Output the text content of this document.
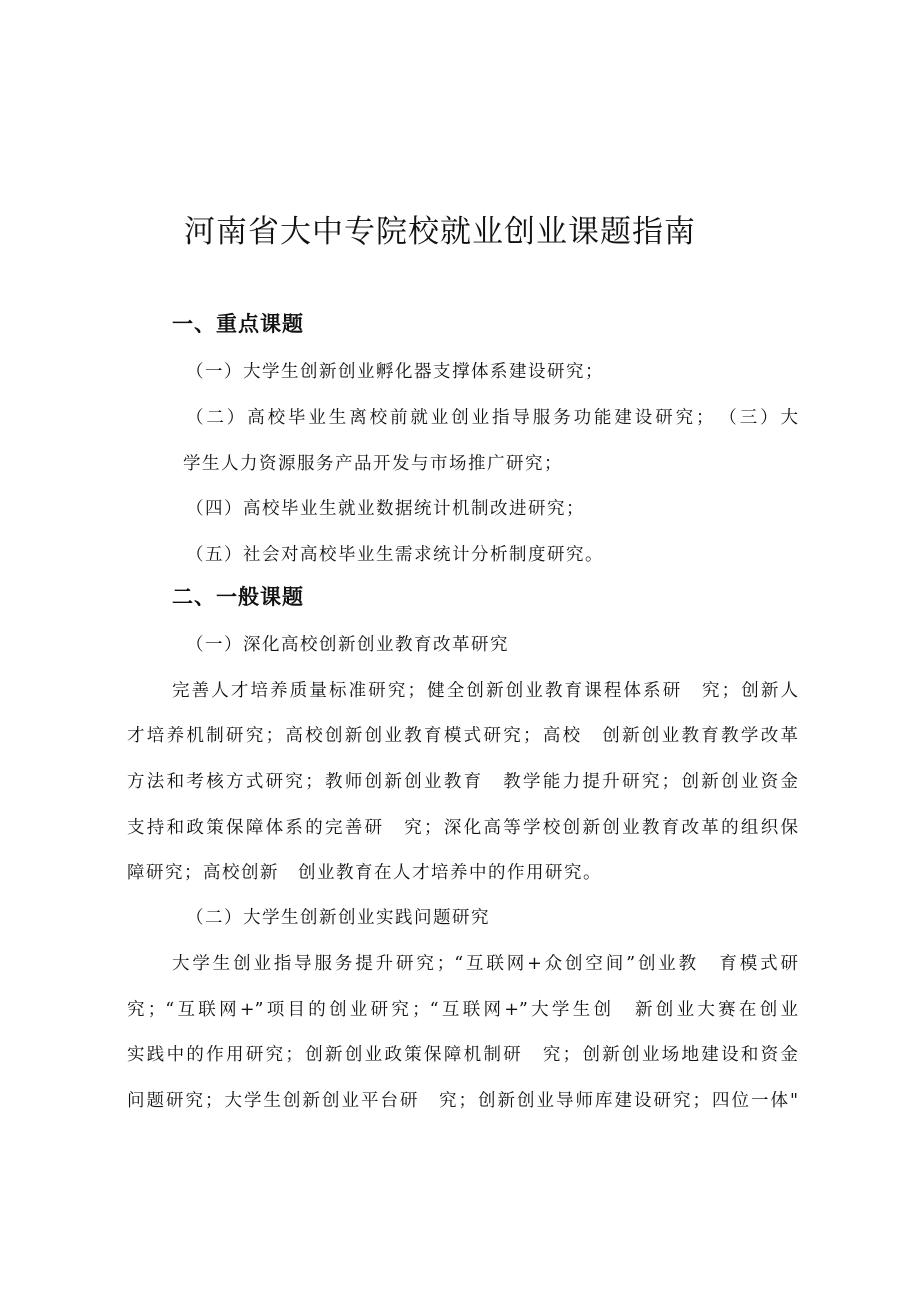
河南省大中专院校就业创业课题指南
一、重点课题
（一）大学生创新创业孵化器支撑体系建设研究；
（二）高校毕业生离校前就业创业指导服务功能建设研究；　（三）大
学生人力资源服务产品开发与市场推广研究；
（四）高校毕业生就业数据统计机制改进研究；
（五）社会对高校毕业生需求统计分析制度研究。
二、一般课题
（一）深化高校创新创业教育改革研究
完善人才培养质量标准研究；健全创新创业教育课程体系研　究；创新人
才培养机制研究；高校创新创业教育模式研究；高校　创新创业教育教学改革
方法和考核方式研究；教师创新创业教育　教学能力提升研究；创新创业资金
支持和政策保障体系的完善研　究；深化高等学校创新创业教育改革的组织保
障研究；高校创新　创业教育在人才培养中的作用研究。
（二）大学生创新创业实践问题研究
大学生创业指导服务提升研究；“互联网+众创空间”创业教　育模式研
究；“互联网+”项目的创业研究；“互联网+”大学生创　新创业大赛在创业
实践中的作用研究；创新创业政策保障机制研　究；创新创业场地建设和资金
问题研究；大学生创新创业平台研　究；创新创业导师库建设研究；四位一体"
